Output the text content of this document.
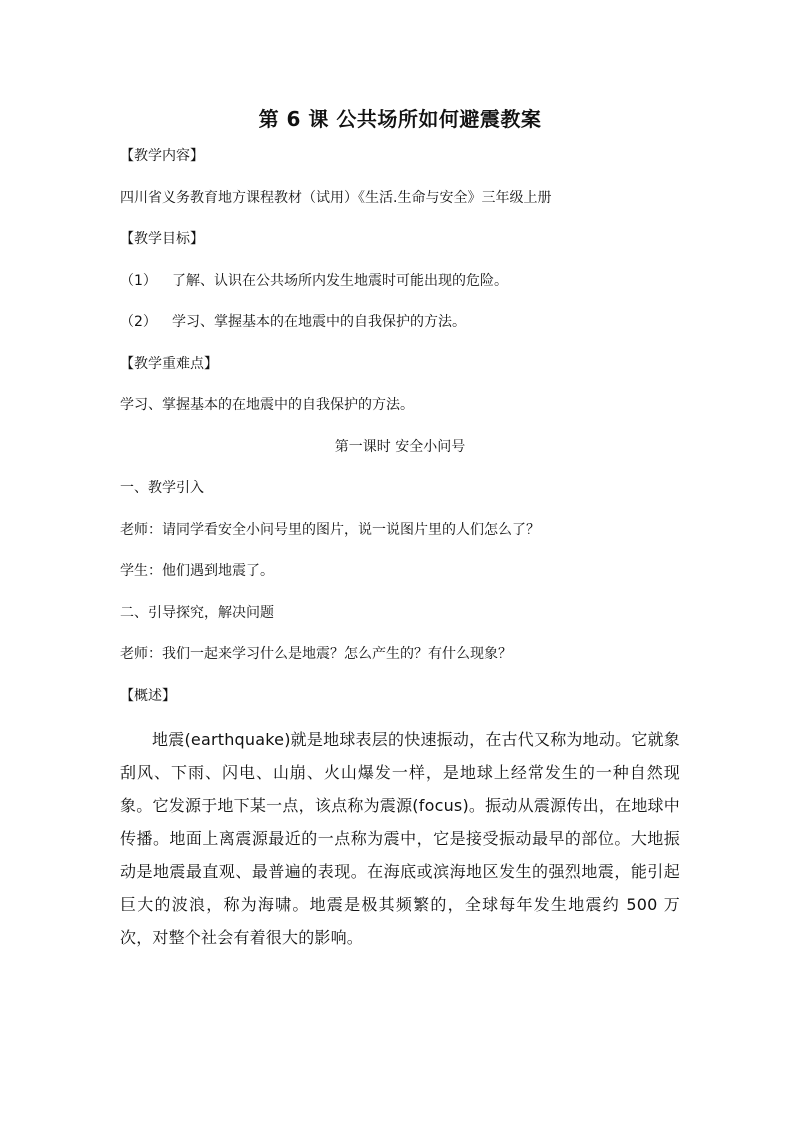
第 6 课 公共场所如何避震教案
【教学内容】
四川省义务教育地方课程教材（试用）《生活.生命与安全》三年级上册
【教学目标】
（1） 了解、认识在公共场所内发生地震时可能出现的危险。
（2） 学习、掌握基本的在地震中的自我保护的方法。
【教学重难点】
学习、掌握基本的在地震中的自我保护的方法。
第一课时 安全小问号
一、教学引入
老师：请同学看安全小问号里的图片，说一说图片里的人们怎么了？
学生：他们遇到地震了。
二、引导探究，解决问题
老师：我们一起来学习什么是地震？怎么产生的？有什么现象？
【概述】
地震(earthquake)就是地球表层的快速振动，在古代又称为地动。它就象刮风、下雨、闪电、山崩、火山爆发一样，是地球上经常发生的一种自然现象。它发源于地下某一点，该点称为震源(focus)。振动从震源传出，在地球中传播。地面上离震源最近的一点称为震中，它是接受振动最早的部位。大地振动是地震最直观、最普遍的表现。在海底或滨海地区发生的强烈地震，能引起巨大的波浪，称为海啸。地震是极其频繁的，全球每年发生地震约 500 万次，对整个社会有着很大的影响。
